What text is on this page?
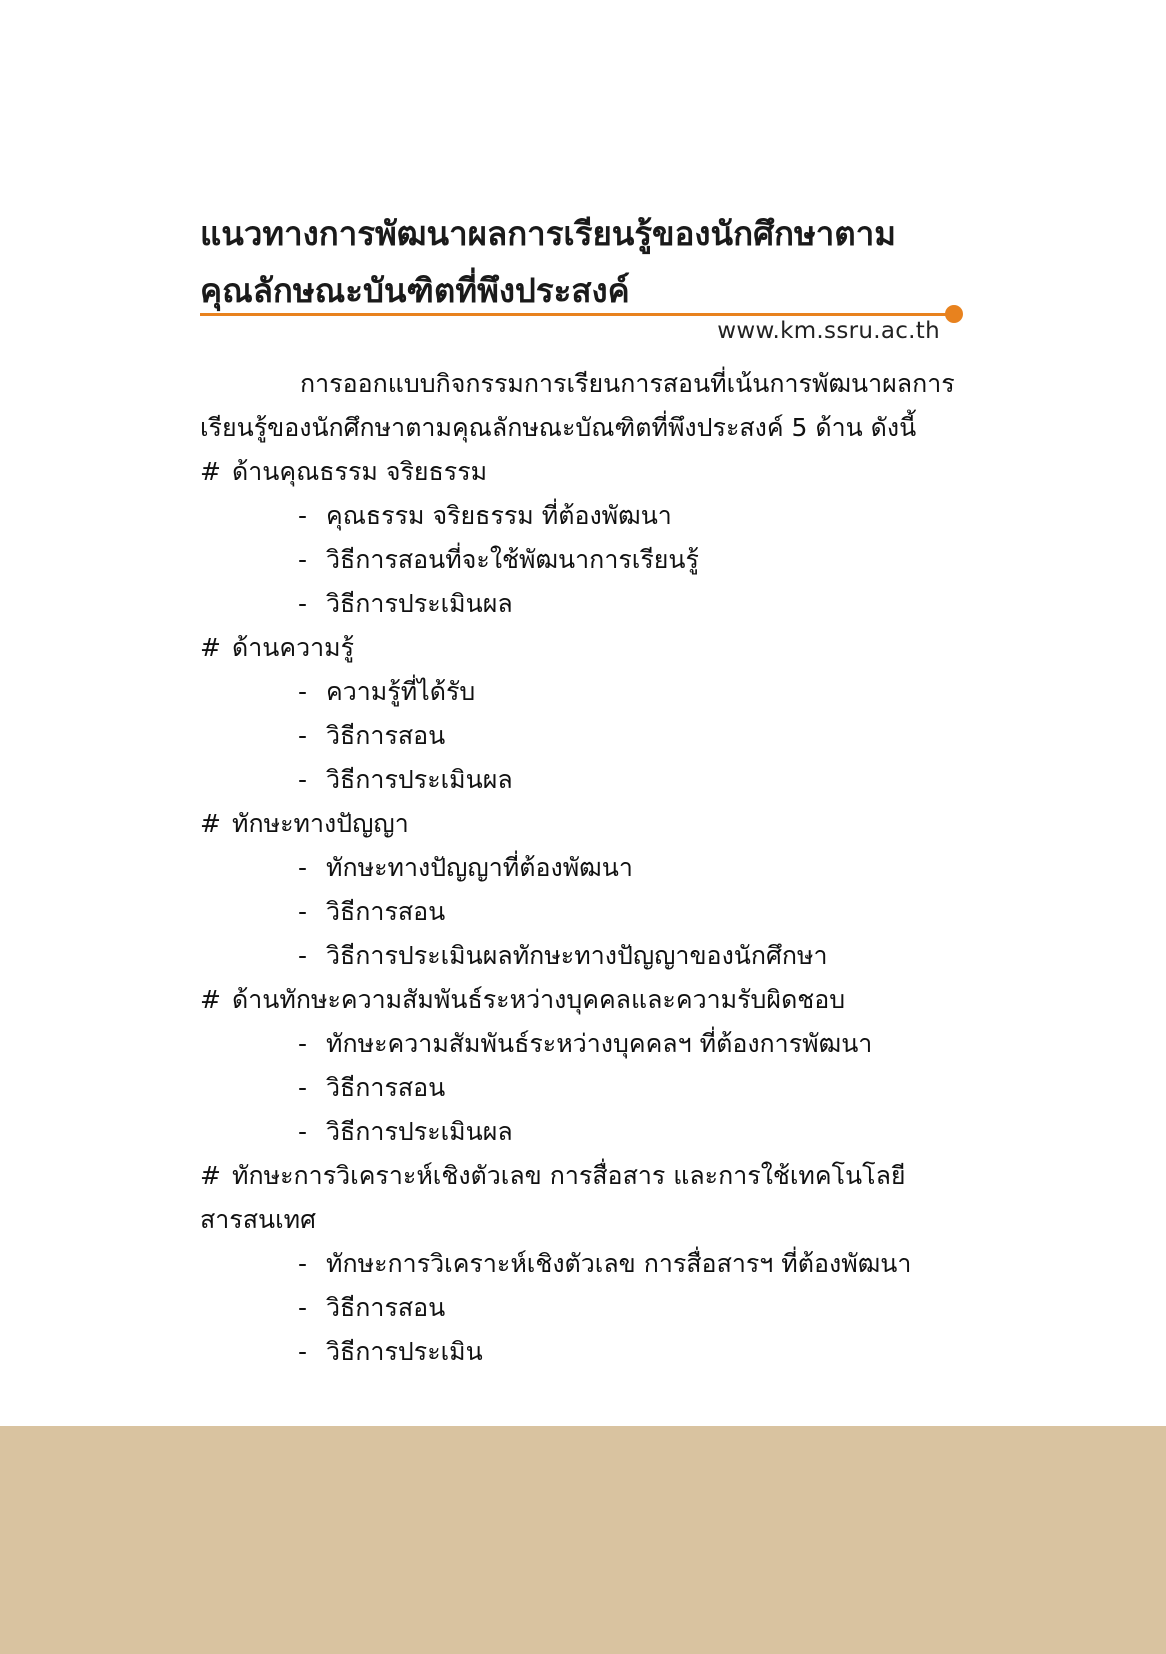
แนวทางการพัฒนาผลการเรียนรู้ของนักศึกษาตาม
คุณลักษณะบันฑิตที่พึงประสงค์
www.km.ssru.ac.th

การออกแบบกิจกรรมการเรียนการสอนที่เน้นการพัฒนาผลการเรียนรู้ของนักศึกษาตามคุณลักษณะบัณฑิตที่พึงประสงค์ 5 ด้าน ดังนี้

# ด้านคุณธรรม จริยธรรม

- คุณธรรม จริยธรรม ที่ต้องพัฒนา
- วิธีการสอนที่จะใช้พัฒนาการเรียนรู้
- วิธีการประเมินผล

# ด้านความรู้

- ความรู้ที่ได้รับ
- วิธีการสอน
- วิธีการประเมินผล

# ทักษะทางปัญญา

- ทักษะทางปัญญาที่ต้องพัฒนา
- วิธีการสอน
- วิธีการประเมินผลทักษะทางปัญญาของนักศึกษา

# ด้านทักษะความสัมพันธ์ระหว่างบุคคลและความรับผิดชอบ

- ทักษะความสัมพันธ์ระหว่างบุคคลฯ ที่ต้องการพัฒนา
- วิธีการสอน
- วิธีการประเมินผล

# ทักษะการวิเคราะห์เชิงตัวเลข การสื่อสาร และการใช้เทคโนโลยีสารสนเทศ

- ทักษะการวิเคราะห์เชิงตัวเลข การสื่อสารฯ ที่ต้องพัฒนา
- วิธีการสอน
- วิธีการประเมิน
